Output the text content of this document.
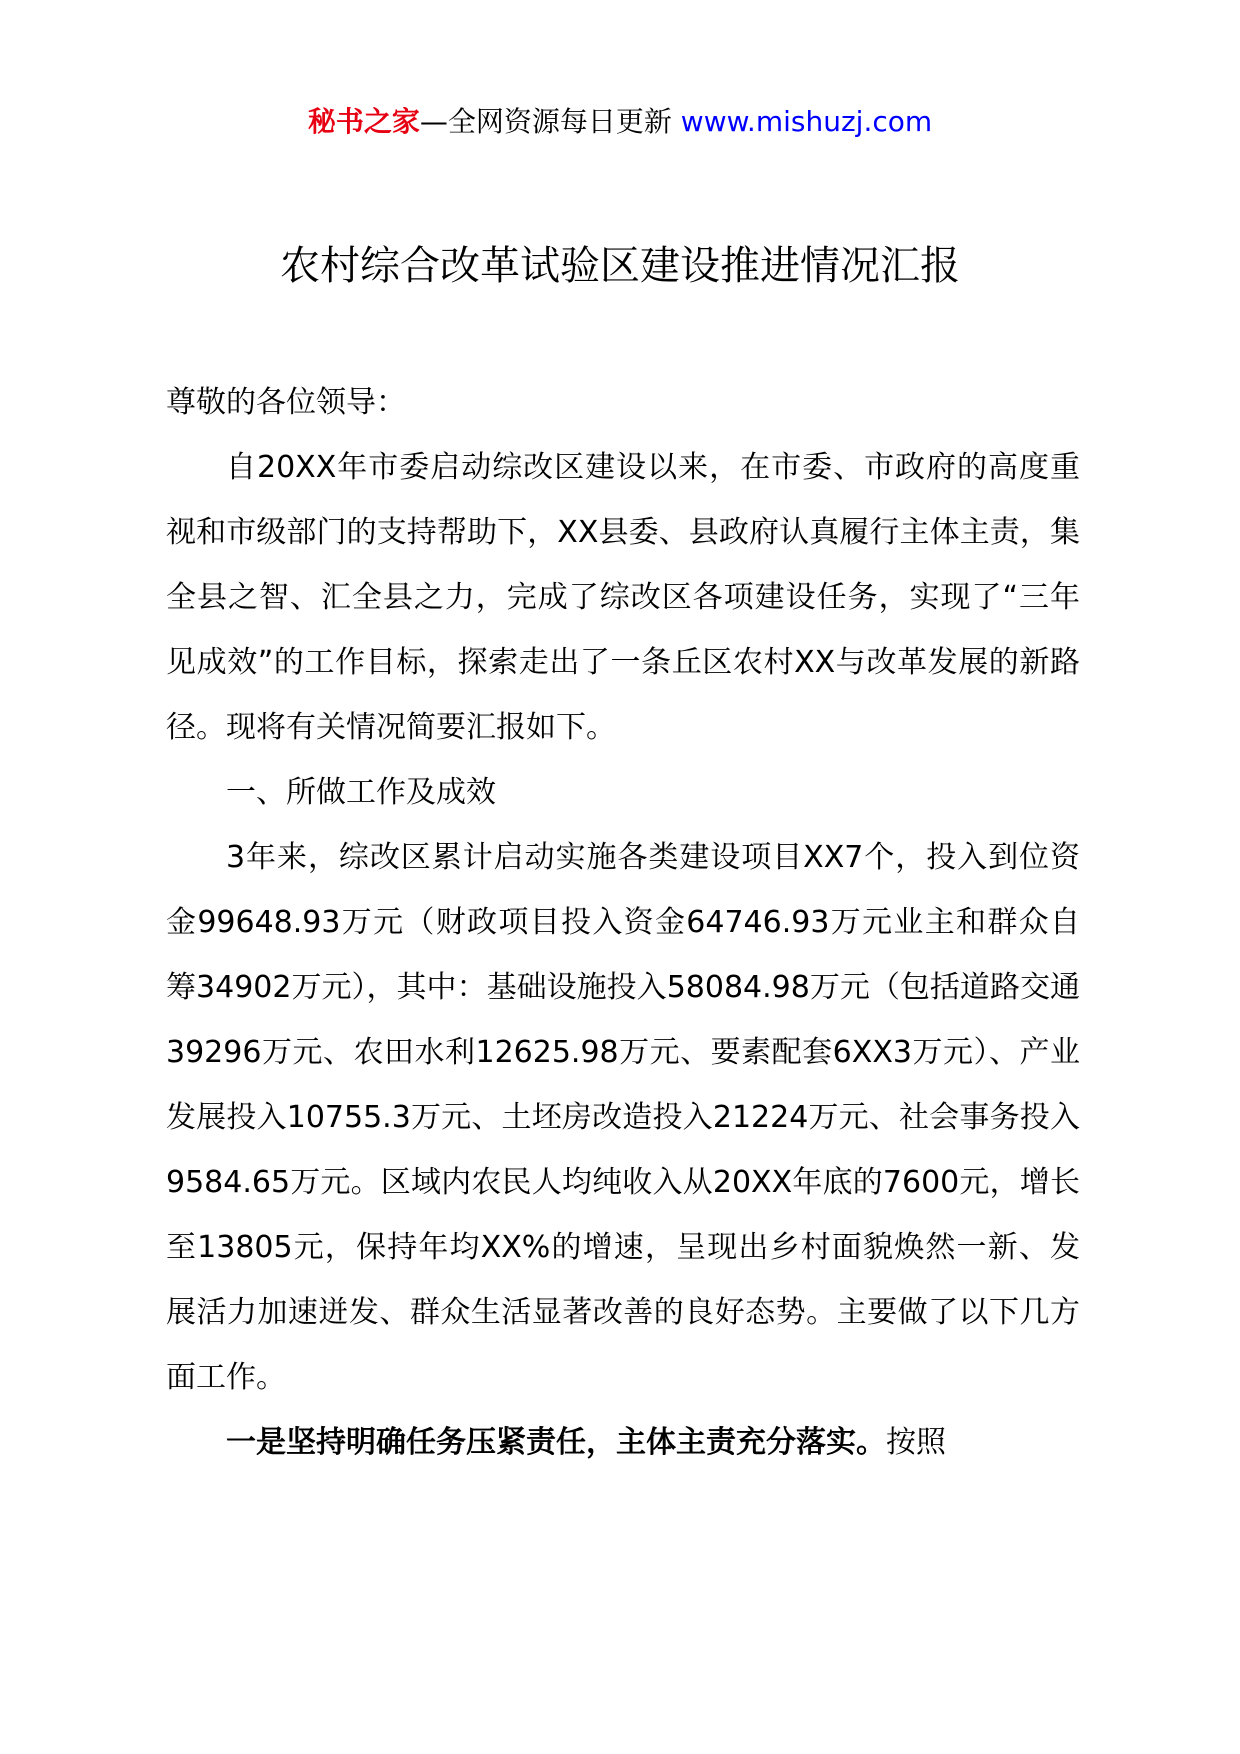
秘书之家—全网资源每日更新 www.mishuzj.com
农村综合改革试验区建设推进情况汇报

尊敬的各位领导：

自20XX年市委启动综改区建设以来，在市委、市政府的高度重视和市级部门的支持帮助下，XX县委、县政府认真履行主体主责，集全县之智、汇全县之力，完成了综改区各项建设任务，实现了“三年见成效”的工作目标，探索走出了一条丘区农村XX与改革发展的新路径。现将有关情况简要汇报如下。

一、所做工作及成效

3年来，综改区累计启动实施各类建设项目XX7个，投入到位资金99648.93万元（财政项目投入资金64746.93万元业主和群众自筹34902万元），其中：基础设施投入58084.98万元（包括道路交通39296万元、农田水利12625.98万元、要素配套6XX3万元）、产业发展投入10755.3万元、土坯房改造投入21224万元、社会事务投入9584.65万元。区域内农民人均纯收入从20XX年底的7600元，增长至13805元，保持年均XX%的增速，呈现出乡村面貌焕然一新、发展活力加速迸发、群众生活显著改善的良好态势。主要做了以下几方面工作。

一是坚持明确任务压紧责任，主体主责充分落实。按照
